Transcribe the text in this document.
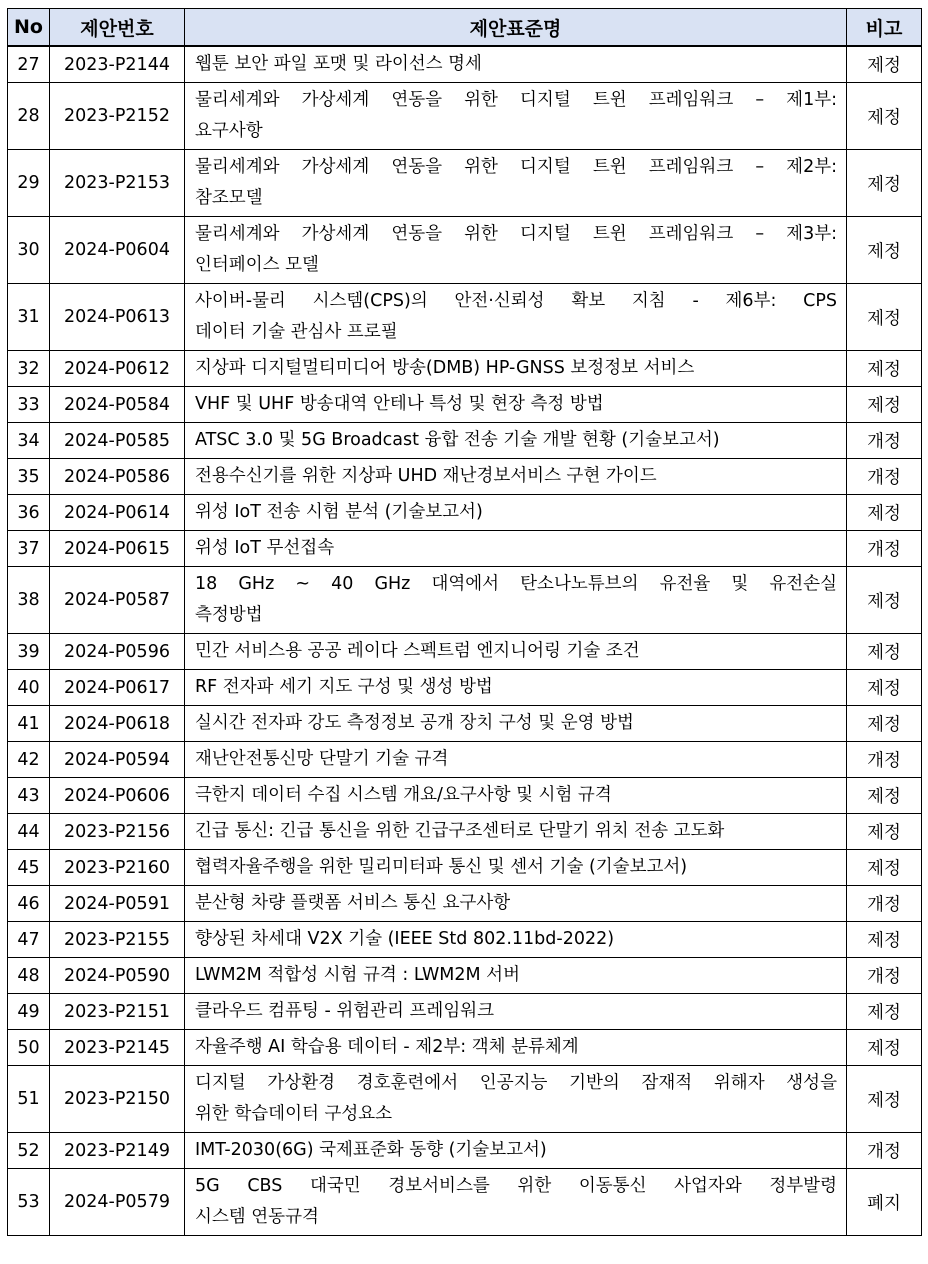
No	제안번호	제안표준명	비고
27	2023-P2144	웹툰 보안 파일 포맷 및 라이선스 명세	제정
28	2023-P2152	물리세계와 가상세계 연동을 위한 디지털 트윈 프레임워크 – 제1부:
요구사항	제정
29	2023-P2153	물리세계와 가상세계 연동을 위한 디지털 트윈 프레임워크 – 제2부:
참조모델	제정
30	2024-P0604	물리세계와 가상세계 연동을 위한 디지털 트윈 프레임워크 – 제3부:
인터페이스 모델	제정
31	2024-P0613	사이버-물리 시스템(CPS)의 안전·신뢰성 확보 지침 - 제6부: CPS
데이터 기술 관심사 프로필	제정
32	2024-P0612	지상파 디지털멀티미디어 방송(DMB) HP-GNSS 보정정보 서비스	제정
33	2024-P0584	VHF 및 UHF 방송대역 안테나 특성 및 현장 측정 방법	제정
34	2024-P0585	ATSC 3.0 및 5G Broadcast 융합 전송 기술 개발 현황 (기술보고서)	개정
35	2024-P0586	전용수신기를 위한 지상파 UHD 재난경보서비스 구현 가이드	개정
36	2024-P0614	위성 IoT 전송 시험 분석 (기술보고서)	제정
37	2024-P0615	위성 IoT 무선접속	개정
38	2024-P0587	18 GHz ~ 40 GHz 대역에서 탄소나노튜브의 유전율 및 유전손실
측정방법	제정
39	2024-P0596	민간 서비스용 공공 레이다 스펙트럼 엔지니어링 기술 조건	제정
40	2024-P0617	RF 전자파 세기 지도 구성 및 생성 방법	제정
41	2024-P0618	실시간 전자파 강도 측정정보 공개 장치 구성 및 운영 방법	제정
42	2024-P0594	재난안전통신망 단말기 기술 규격	개정
43	2024-P0606	극한지 데이터 수집 시스템 개요/요구사항 및 시험 규격	제정
44	2023-P2156	긴급 통신: 긴급 통신을 위한 긴급구조센터로 단말기 위치 전송 고도화	제정
45	2023-P2160	협력자율주행을 위한 밀리미터파 통신 및 센서 기술 (기술보고서)	제정
46	2024-P0591	분산형 차량 플랫폼 서비스 통신 요구사항	개정
47	2023-P2155	향상된 차세대 V2X 기술 (IEEE Std 802.11bd-2022)	제정
48	2024-P0590	LWM2M 적합성 시험 규격 : LWM2M 서버	개정
49	2023-P2151	클라우드 컴퓨팅 - 위험관리 프레임워크	제정
50	2023-P2145	자율주행 AI 학습용 데이터 - 제2부: 객체 분류체계	제정
51	2023-P2150	디지털 가상환경 경호훈련에서 인공지능 기반의 잠재적 위해자 생성을
위한 학습데이터 구성요소	제정
52	2023-P2149	IMT-2030(6G) 국제표준화 동향 (기술보고서)	개정
53	2024-P0579	5G CBS 대국민 경보서비스를 위한 이동통신 사업자와 정부발령
시스템 연동규격	폐지
